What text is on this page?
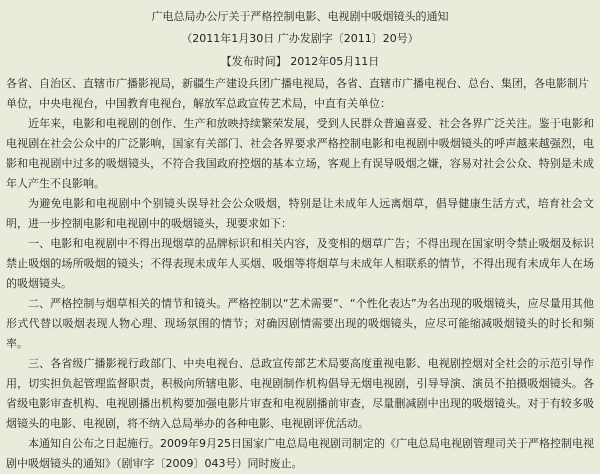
广电总局办公厅关于严格控制电影、电视剧中吸烟镜头的通知
（2011年1月30日 广办发剧字〔2011〕20号）
【发布时间】 2012年05月11日
各省、自治区、直辖市广播影视局，新疆生产建设兵团广播电视局，各省、直辖市广播电视台、总台、集团，各电影制片单位，中央电视台，中国教育电视台，解放军总政宣传艺术局，中直有关单位：
近年来，电影和电视剧的创作、生产和放映持续繁荣发展，受到人民群众普遍喜爱、社会各界广泛关注。鉴于电影和电视剧在社会公众中的广泛影响，国家有关部门、社会各界要求严格控制电影和电视剧中吸烟镜头的呼声越来越强烈，电影和电视剧中过多的吸烟镜头，不符合我国政府控烟的基本立场，客观上有误导吸烟之嫌，容易对社会公众、特别是未成年人产生不良影响。
为避免电影和电视剧中个别镜头误导社会公众吸烟，特别是让未成年人远离烟草，倡导健康生活方式，培育社会文明，进一步控制电影和电视剧中的吸烟镜头，现要求如下：
一、电影和电视剧中不得出现烟草的品牌标识和相关内容，及变相的烟草广告；不得出现在国家明令禁止吸烟及标识禁止吸烟的场所吸烟的镜头；不得表现未成年人买烟、吸烟等将烟草与未成年人相联系的情节，不得出现有未成年人在场的吸烟镜头。
二、严格控制与烟草相关的情节和镜头。严格控制以“艺术需要”、“个性化表达”为名出现的吸烟镜头，应尽量用其他形式代替以吸烟表现人物心理、现场氛围的情节；对确因剧情需要出现的吸烟镜头，应尽可能缩减吸烟镜头的时长和频率。
三、各省级广播影视行政部门、中央电视台、总政宣传部艺术局要高度重视电影、电视剧控烟对全社会的示范引导作用，切实担负起管理监督职责，积极向所辖电影、电视剧制作机构倡导无烟电视剧，引导导演、演员不拍摄吸烟镜头。各省级电影审查机构、电视剧播出机构要加强电影片审查和电视剧播前审查，尽量删减剧中出现的吸烟镜头。对于有较多吸烟镜头的电影、电视剧，将不纳入总局举办的各种电影、电视剧评优活动。
本通知自公布之日起施行。2009年9月25日国家广电总局电视剧司制定的《广电总局电视剧管理司关于严格控制电视剧中吸烟镜头的通知》（剧审字〔2009〕043号）同时废止。
